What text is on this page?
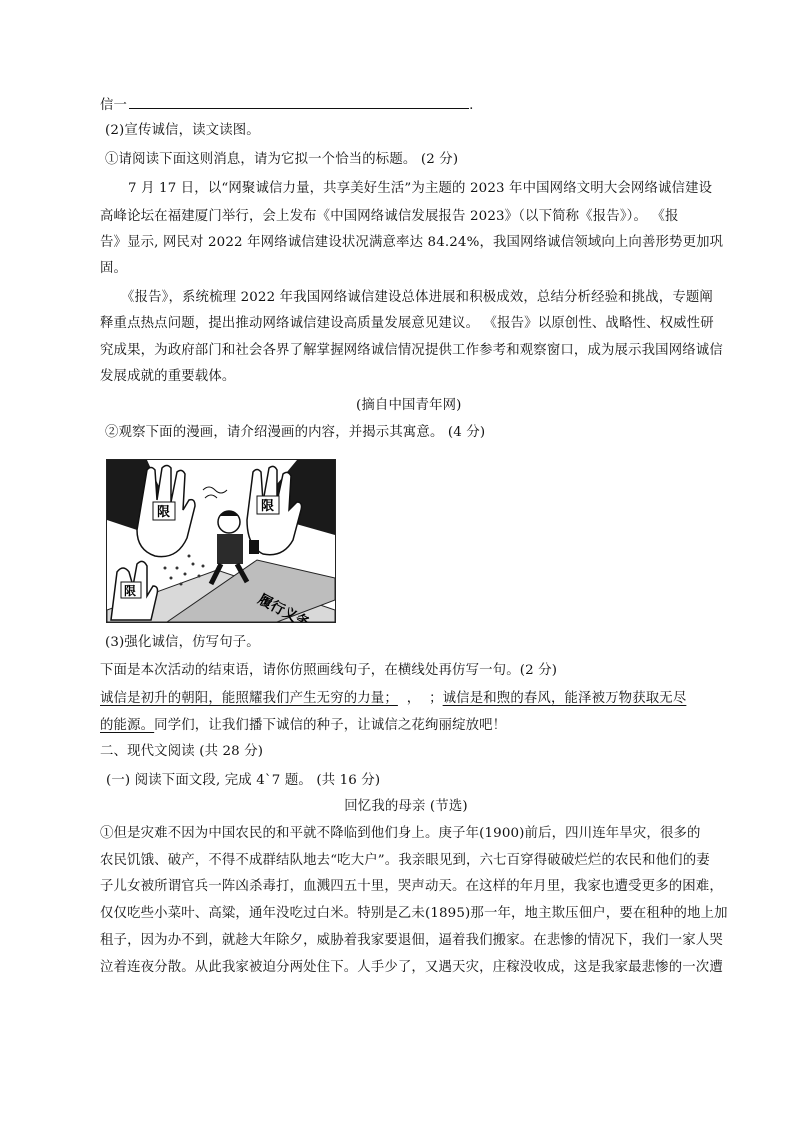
信一	.
(2)宣传诚信，读文读图。
①请阅读下面这则消息，请为它拟一个恰当的标题。 (2 分)
7 月 17 日，以“网聚诚信力量，共享美好生活”为主题的 2023 年中国网络文明大会网络诚信建设
高峰论坛在福建厦门举行，会上发布《中国网络诚信发展报告 2023》（以下简称《报告》）。 《报
告》显示, 网民对 2022 年网络诚信建设状况满意率达 84.24%，我国网络诚信领域向上向善形势更加巩
固。
《报告》，系统梳理 2022 年我国网络诚信建设总体进展和积极成效，总结分析经验和挑战，专题阐
释重点热点问题，提出推动网络诚信建设高质量发展意见建议。 《报告》以原创性、战略性、权威性研
究成果，为政府部门和社会各界了解掌握网络诚信情况提供工作参考和观察窗口，成为展示我国网络诚信
发展成就的重要载体。
(摘自中国青年网)
②观察下面的漫画，请介绍漫画的内容，并揭示其寓意。 (4 分)
限	限
限
履行义务
(3)强化诚信，仿写句子。
下面是本次活动的结束语，请你仿照画线句子，在横线处再仿写一句。(2 分)
诚信是初升的朝阳，能照耀我们产生无穷的力量；  ，  ；诚信是和煦的春风，能泽被万物获取无尽
的能源。同学们，让我们播下诚信的种子，让诚信之花绚丽绽放吧！
二、现代文阅读 (共 28 分)
(一) 阅读下面文段, 完成 4`7 题。 (共 16 分)
回忆我的母亲 (节选)
①但是灾难不因为中国农民的和平就不降临到他们身上。庚子年(1900)前后，四川连年旱灾，很多的
农民饥饿、破产，不得不成群结队地去“吃大户”。我亲眼见到，六七百穿得破破烂烂的农民和他们的妻
子儿女被所谓官兵一阵凶杀毒打，血溅四五十里，哭声动天。在这样的年月里，我家也遭受更多的困难，
仅仅吃些小菜叶、高粱，通年没吃过白米。特别是乙未(1895)那一年，地主欺压佃户，要在租种的地上加
租子，因为办不到，就趁大年除夕，威胁着我家要退佃，逼着我们搬家。在悲惨的情况下，我们一家人哭
泣着连夜分散。从此我家被迫分两处住下。人手少了，又遇天灾，庄稼没收成，这是我家最悲惨的一次遭
